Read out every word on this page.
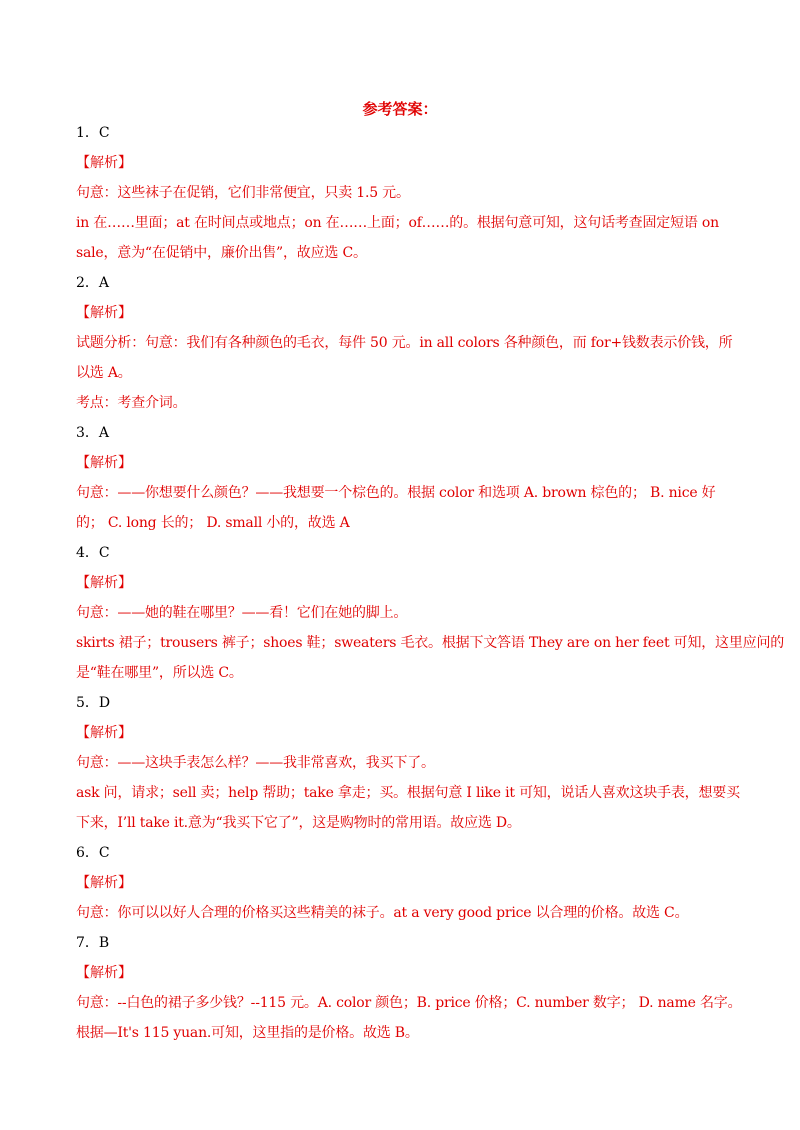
参考答案：
1．C
【解析】
句意：这些袜子在促销，它们非常便宜，只卖 1.5 元。
in 在……里面；at 在时间点或地点；on 在……上面；of……的。根据句意可知，这句话考查固定短语 on
sale，意为“在促销中，廉价出售”，故应选 C。
2．A
【解析】
试题分析：句意：我们有各种颜色的毛衣，每件 50 元。in all colors 各种颜色，而 for+钱数表示价钱，所
以选 A。
考点：考查介词。
3．A
【解析】
句意：——你想要什么颜色？——我想要一个棕色的。根据 color 和选项 A. brown 棕色的； B. nice 好
的； C. long 长的； D. small 小的，故选 A
4．C
【解析】
句意：——她的鞋在哪里？——看！它们在她的脚上。
skirts 裙子；trousers 裤子；shoes 鞋；sweaters 毛衣。根据下文答语 They are on her feet 可知，这里应问的
是“鞋在哪里”，所以选 C。
5．D
【解析】
句意：——这块手表怎么样？——我非常喜欢，我买下了。
ask 问，请求；sell 卖；help 帮助；take 拿走；买。根据句意 I like it 可知，说话人喜欢这块手表，想要买
下来，I’ll take it.意为“我买下它了”，这是购物时的常用语。故应选 D。
6．C
【解析】
句意：你可以以好人合理的价格买这些精美的袜子。at a very good price 以合理的价格。故选 C。
7．B
【解析】
句意：--白色的裙子多少钱？--115 元。A. color 颜色；B. price 价格；C. number 数字； D. name 名字。
根据—It's 115 yuan.可知，这里指的是价格。故选 B。
